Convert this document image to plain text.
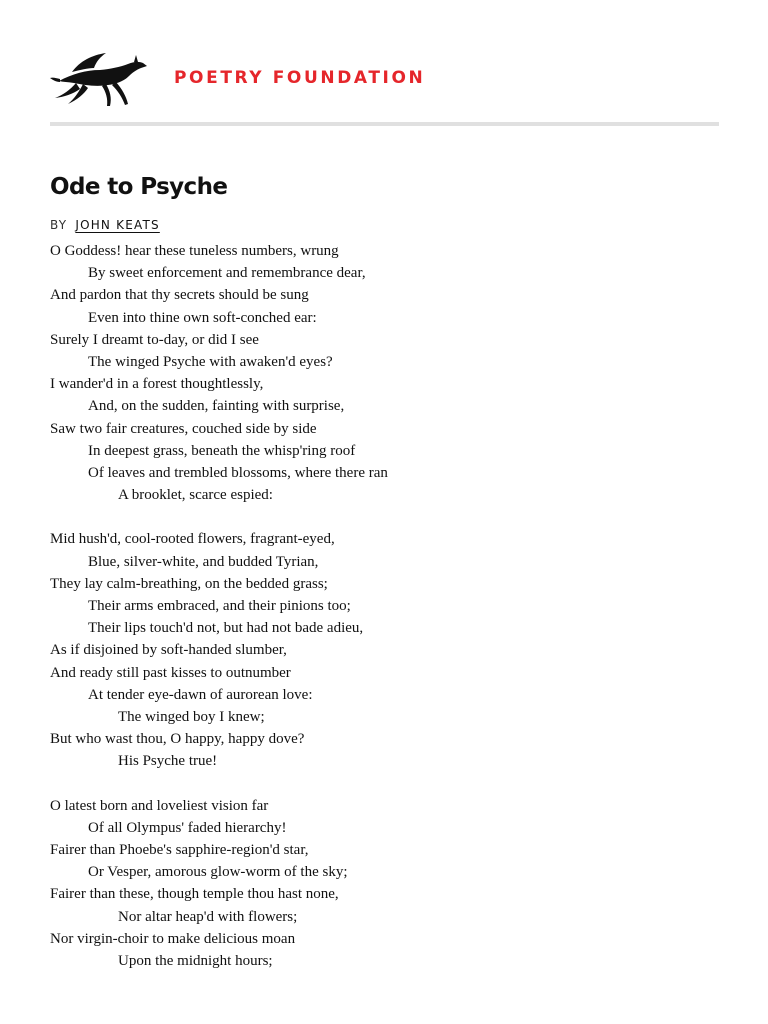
POETRY FOUNDATION
Ode to Psyche
BY JOHN KEATS
O Goddess! hear these tuneless numbers, wrung
By sweet enforcement and remembrance dear,
And pardon that thy secrets should be sung
Even into thine own soft-conched ear:
Surely I dreamt to-day, or did I see
The winged Psyche with awaken'd eyes?
I wander'd in a forest thoughtlessly,
And, on the sudden, fainting with surprise,
Saw two fair creatures, couched side by side
In deepest grass, beneath the whisp'ring roof
Of leaves and trembled blossoms, where there ran
A brooklet, scarce espied:
Mid hush'd, cool-rooted flowers, fragrant-eyed,
Blue, silver-white, and budded Tyrian,
They lay calm-breathing, on the bedded grass;
Their arms embraced, and their pinions too;
Their lips touch'd not, but had not bade adieu,
As if disjoined by soft-handed slumber,
And ready still past kisses to outnumber
At tender eye-dawn of aurorean love:
The winged boy I knew;
But who wast thou, O happy, happy dove?
His Psyche true!
O latest born and loveliest vision far
Of all Olympus' faded hierarchy!
Fairer than Phoebe's sapphire-region'd star,
Or Vesper, amorous glow-worm of the sky;
Fairer than these, though temple thou hast none,
Nor altar heap'd with flowers;
Nor virgin-choir to make delicious moan
Upon the midnight hours;
